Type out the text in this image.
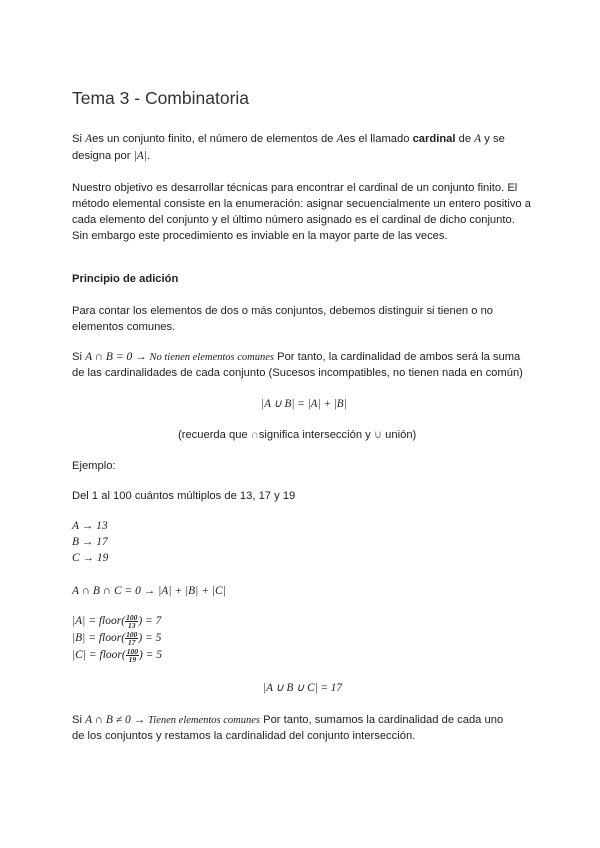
Tema 3 - Combinatoria

Si Aes un conjunto finito, el número de elementos de Aes el llamado cardinal de A y se

designa por |A|.

Nuestro objetivo es desarrollar técnicas para encontrar el cardinal de un conjunto finito. El

método elemental consiste en la enumeración: asignar secuencialmente un entero positivo a

cada elemento del conjunto y el último número asignado es el cardinal de dicho conjunto.

Sin embargo este procedimiento es inviable en la mayor parte de las veces.

Principio de adición

Para contar los elementos de dos o más conjuntos, debemos distinguir si tienen o no

elementos comunes.

Si A ∩ B = 0 → No tienen elementos comunes Por tanto, la cardinalidad de ambos será la suma

de las cardinalidades de cada conjunto (Sucesos incompatibles, no tienen nada en común)

|A ∪ B| = |A| + |B|
(recuerda que ∩significa intersección y ∪ unión)

Ejemplo:

Del 1 al 100 cuántos múltiplos de 13, 17 y 19

A → 13

B → 17

C → 19

A ∩ B ∩ C = 0 → |A| + |B| + |C|

|A| = floor( $\frac{100}{13}$ ) = 7

|B| = floor( $\frac{100}{17}$ ) = 5

|C| = floor( $\frac{100}{19}$ ) = 5

|A ∪ B ∪ C| = 17

Si A ∩ B ≠ 0 → Tienen elementos comunes Por tanto, sumamos la cardinalidad de cada uno

de los conjuntos y restamos la cardinalidad del conjunto intersección.
